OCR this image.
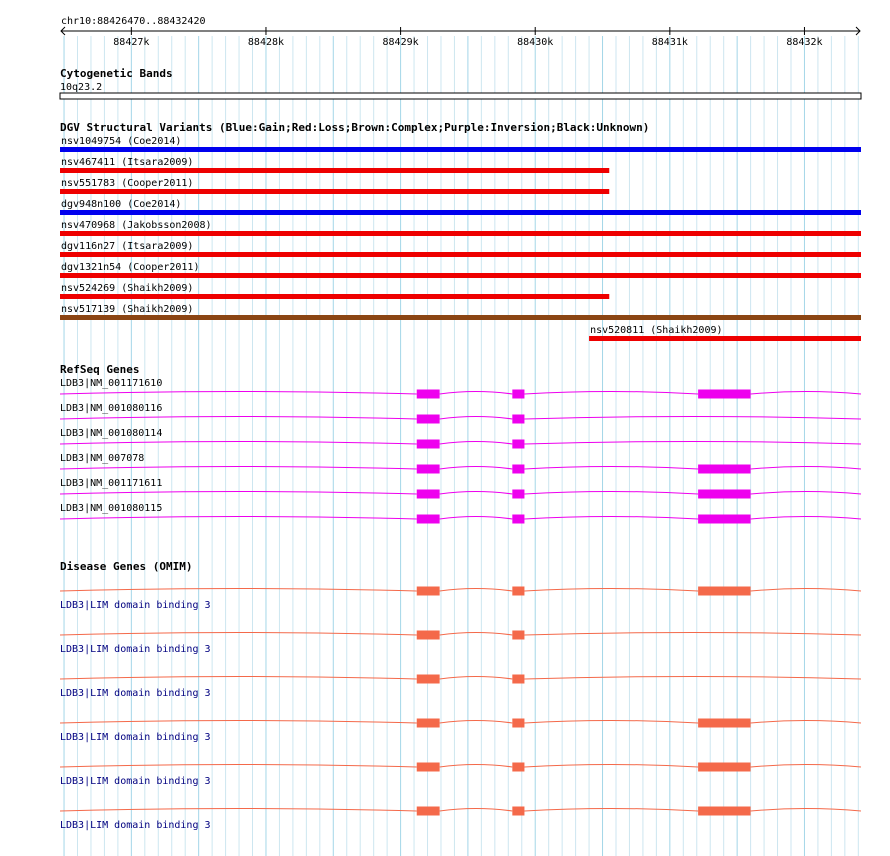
chr10:88426470..88432420
88427k	88428k	88429k	88430k	88431k	88432k
Cytogenetic Bands
10q23.2
DGV Structural Variants (Blue:Gain;Red:Loss;Brown:Complex;Purple:Inversion;Black:Unknown)
nsv1049754 (Coe2014)
nsv467411 (Itsara2009)
nsv551783 (Cooper2011)
dgv948n100 (Coe2014)
nsv470968 (Jakobsson2008)
dgv116n27 (Itsara2009)
dgv1321n54 (Cooper2011)
nsv524269 (Shaikh2009)
nsv517139 (Shaikh2009)
nsv520811 (Shaikh2009)
RefSeq Genes
LDB3|NM_001171610
LDB3|NM_001080116
LDB3|NM_001080114
LDB3|NM_007078
LDB3|NM_001171611
LDB3|NM_001080115
Disease Genes (OMIM)
LDB3|LIM domain binding 3
LDB3|LIM domain binding 3
LDB3|LIM domain binding 3
LDB3|LIM domain binding 3
LDB3|LIM domain binding 3
LDB3|LIM domain binding 3
